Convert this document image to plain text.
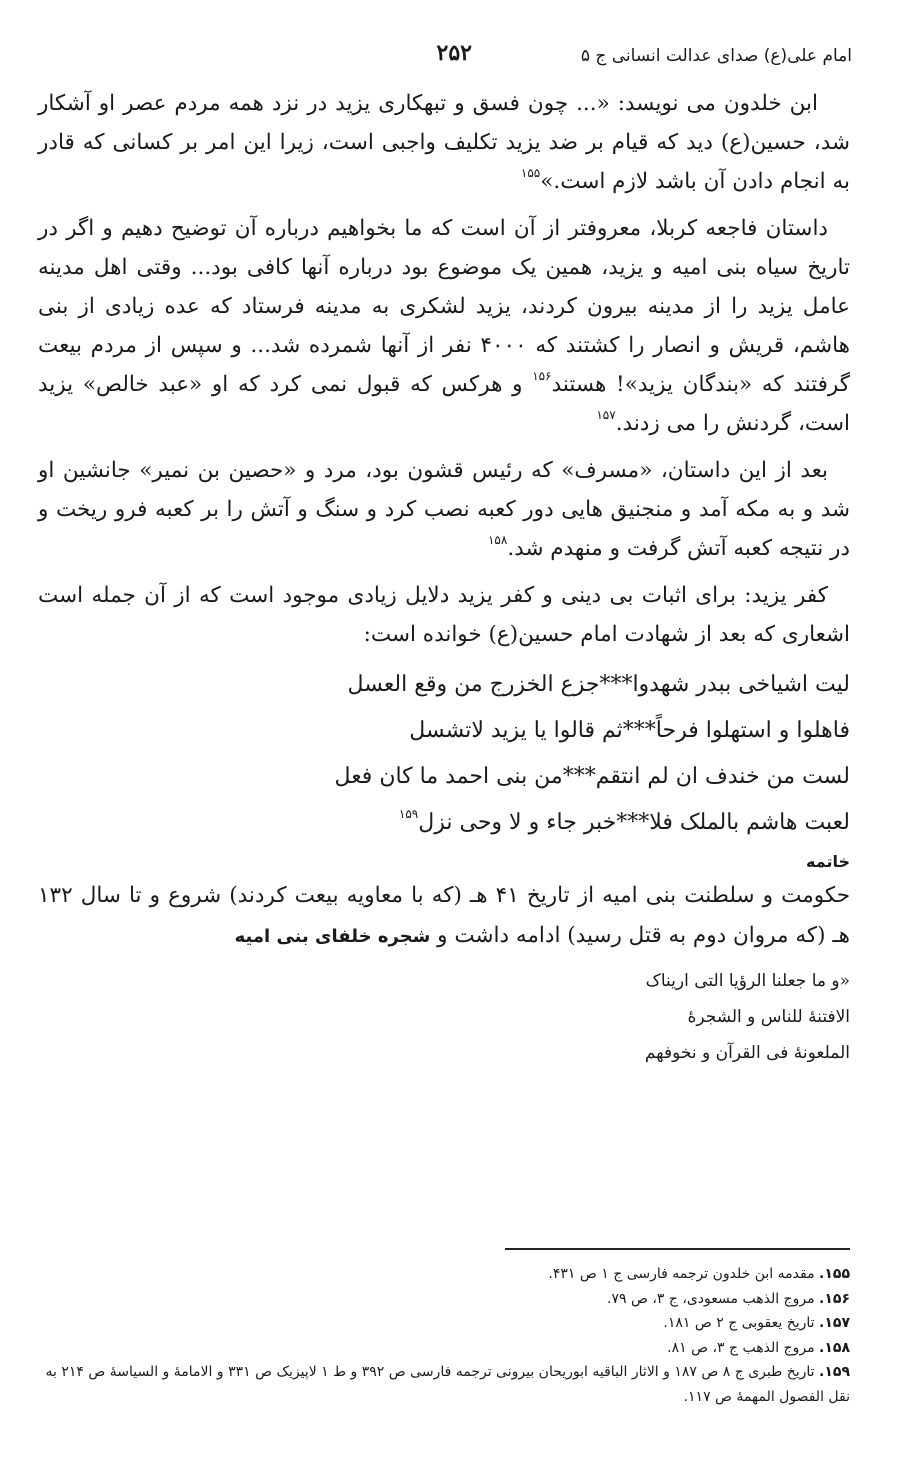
امام علی(ع) صدای عدالت انسانی ج ۵
۲۵۲

ابن خلدون می نویسد: «... چون فسق و تبهکاری یزید در نزد همه مردم عصر او آشکار شد، حسین(ع) دید که قیام بر ضد یزید تکلیف واجبی است، زیرا این امر بر کسانی که قادر به انجام دادن آن باشد لازم است.»$^{۱۵۵}$

داستان فاجعه کربلا، معروفتر از آن است که ما بخواهیم درباره آن توضیح دهیم و اگر در تاریخ سیاه بنی امیه و یزید، همین یک موضوع بود درباره آنها کافی بود... وقتی اهل مدینه عامل یزید را از مدینه بیرون کردند، یزید لشکری به مدینه فرستاد که عده زیادی از بنی هاشم، قریش و انصار را کشتند که ۴۰۰۰ نفر از آنها شمرده شد... و سپس از مردم بیعت گرفتند که «بندگان یزید»! هستند$^{۱۵۶}$ و هرکس که قبول نمی کرد که او «عبد خالص» یزید است، گردنش را می زدند.$^{۱۵۷}$

بعد از این داستان، «مسرف» که رئیس قشون بود، مرد و «حصین بن نمیر» جانشین او شد و به مکه آمد و منجنیق هایی دور کعبه نصب کرد و سنگ و آتش را بر کعبه فرو ریخت و در نتیجه کعبه آتش گرفت و منهدم شد.$^{۱۵۸}$

کفر یزید: برای اثبات بی دینی و کفر یزید دلایل زیادی موجود است که از آن جمله است اشعاری که بعد از شهادت امام حسین(ع) خوانده است:

لیت اشیاخی ببدر شهدوا***جزع الخزرج من وقع العسل
فاهلوا و استهلوا فرحاً***ثم قالوا یا یزید لاتشسل
لست من خندف ان لم انتقم***من بنی احمد ما کان فعل
لعبت هاشم بالملک فلا***خبر جاء و لا وحی نزل$^{۱۵۹}$
خاتمه

حکومت و سلطنت بنی امیه از تاریخ ۴۱ هـ (که با معاویه بیعت کردند) شروع و تا سال ۱۳۲ هـ (که مروان دوم به قتل رسید) ادامه داشت و شجره خلفای بنی امیه

«و ما جعلنا الرؤیا التی ارینا‌ک
الافتنهٔ للناس و الشجرهٔ
الملعونهٔ فی القرآن و نخوفهم
۱۵۵. مقدمه ابن خلدون ترجمه فارسی ج ۱ ص ۴۳۱.
۱۵۶. مروج الذهب مسعودی، ج ۳، ص ۷۹.
۱۵۷. تاریخ یعقوبی ج ۲ ص ۱۸۱.
۱۵۸. مروج الذهب ج ۳، ص ۸۱.
۱۵۹. تاریخ طبری ج ۸ ص ۱۸۷ و الاثار الباقیه ابوریحان بیرونی ترجمه فارسی ص ۳۹۲ و ط ۱ لاپیزیک ص ۳۳۱ و الامامهٔ و السیاسهٔ ص ۲۱۴ به نقل الفصول المهمهٔ ص ۱۱۷.
